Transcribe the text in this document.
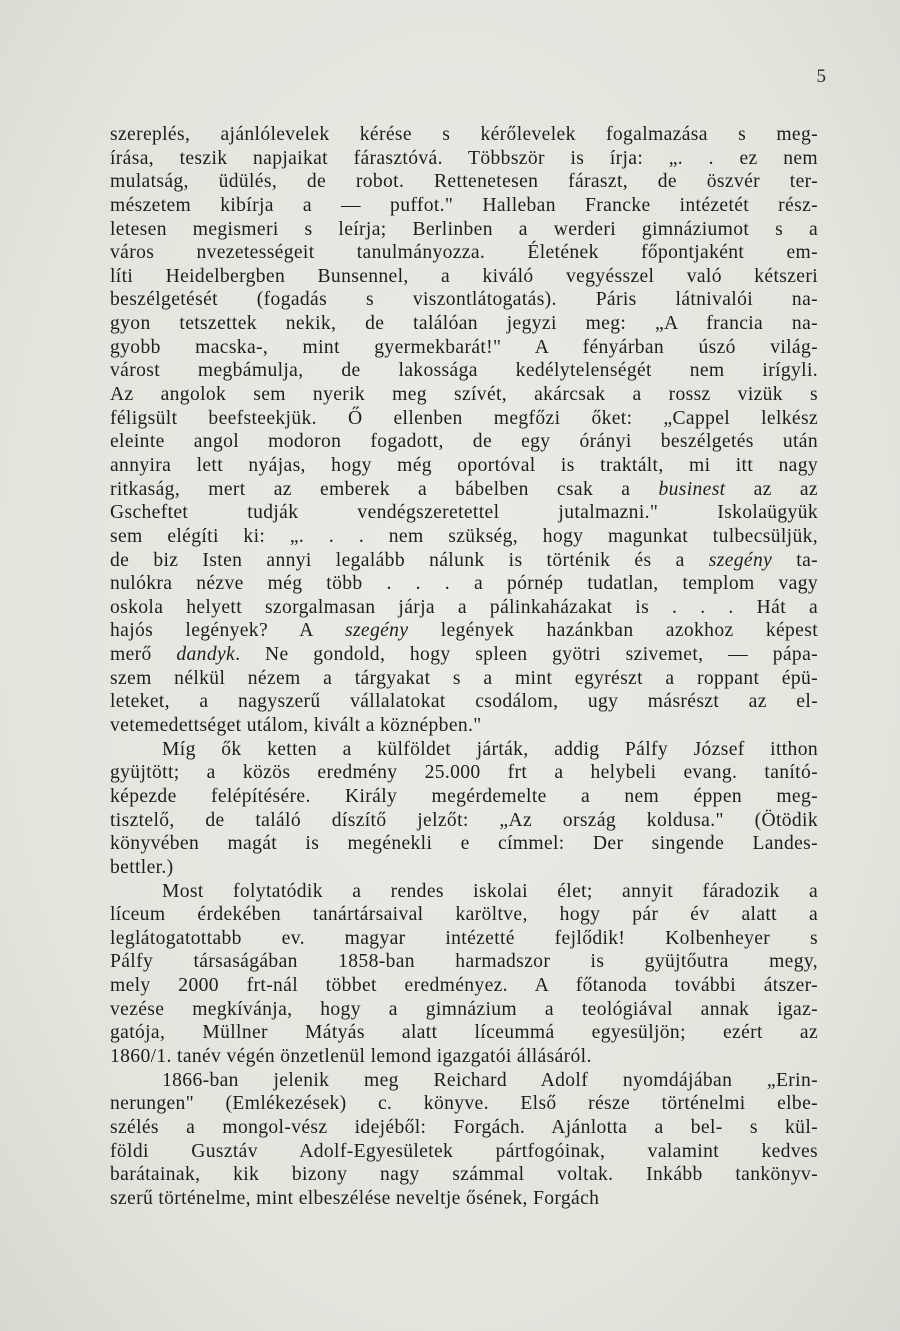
5
szereplés, ajánlólevelek kérése s kérőlevelek fogalmazása s meg-
írása, teszik napjaikat fárasztóvá. Többször is írja: „. . ez nem
mulatság, üdülés, de robot. Rettenetesen fáraszt, de öszvér ter-
mészetem kibírja a — puffot." Halleban Francke intézetét rész-
letesen megismeri s leírja; Berlinben a werderi gimnáziumot s a
város nvezetességeit tanulmányozza. Életének főpontjaként em-
líti Heidelbergben Bunsennel, a kiváló vegyésszel való kétszeri
beszélgetését (fogadás s viszontlátogatás). Páris látnivalói na-
gyon tetszettek nekik, de találóan jegyzi meg: „A francia na-
gyobb macska-, mint gyermekbarát!" A fényárban úszó világ-
várost megbámulja, de lakossága kedélytelenségét nem irígyli.
Az angolok sem nyerik meg szívét, akárcsak a rossz vizük s
féligsült beefsteekjük. Ő ellenben megfőzi őket: „Cappel lelkész
eleinte angol modoron fogadott, de egy órányi beszélgetés után
annyira lett nyájas, hogy még oportóval is traktált, mi itt nagy
ritkaság, mert az emberek a bábelben csak a businest az az
Gscheftet tudják vendégszeretettel jutalmazni." Iskolaügyük
sem elégíti ki: „. . . nem szükség, hogy magunkat tulbecsüljük,
de biz Isten annyi legalább nálunk is történik és a szegény ta-
nulókra nézve még több . . . a pórnép tudatlan, templom vagy
oskola helyett szorgalmasan járja a pálinkaházakat is . . . Hát a
hajós legények? A szegény legények hazánkban azokhoz képest
merő dandyk. Ne gondold, hogy spleen gyötri szivemet, — pápa-
szem nélkül nézem a tárgyakat s a mint egyrészt a roppant épü-
leteket, a nagyszerű vállalatokat csodálom, ugy másrészt az el-
vetemedettséget utálom, kivált a köznépben."
Míg ők ketten a külföldet járták, addig Pálfy József itthon
gyüjtött; a közös eredmény 25.000 frt a helybeli evang. tanító-
képezde felépítésére. Király megérdemelte a nem éppen meg-
tisztelő, de találó díszítő jelzőt: „Az ország koldusa." (Ötödik
könyvében magát is megénekli e címmel: Der singende Landes-
bettler.)
Most folytatódik a rendes iskolai élet; annyit fáradozik a
líceum érdekében tanártársaival karöltve, hogy pár év alatt a
leglátogatottabb ev. magyar intézetté fejlődik! Kolbenheyer s
Pálfy társaságában 1858-ban harmadszor is gyüjtőutra megy,
mely 2000 frt-nál többet eredményez. A főtanoda további átszer-
vezése megkívánja, hogy a gimnázium a teológiával annak igaz-
gatója, Müllner Mátyás alatt líceummá egyesüljön; ezért az
1860/1. tanév végén önzetlenül lemond igazgatói állásáról.
1866-ban jelenik meg Reichard Adolf nyomdájában „Erin-
nerungen" (Emlékezések) c. könyve. Első része történelmi elbe-
szélés a mongol-vész idejéből: Forgách. Ajánlotta a bel- s kül-
földi Gusztáv Adolf-Egyesületek pártfogóinak, valamint kedves
barátainak, kik bizony nagy számmal voltak. Inkább tankönyv-
szerű történelme, mint elbeszélése neveltje ősének, Forgách
